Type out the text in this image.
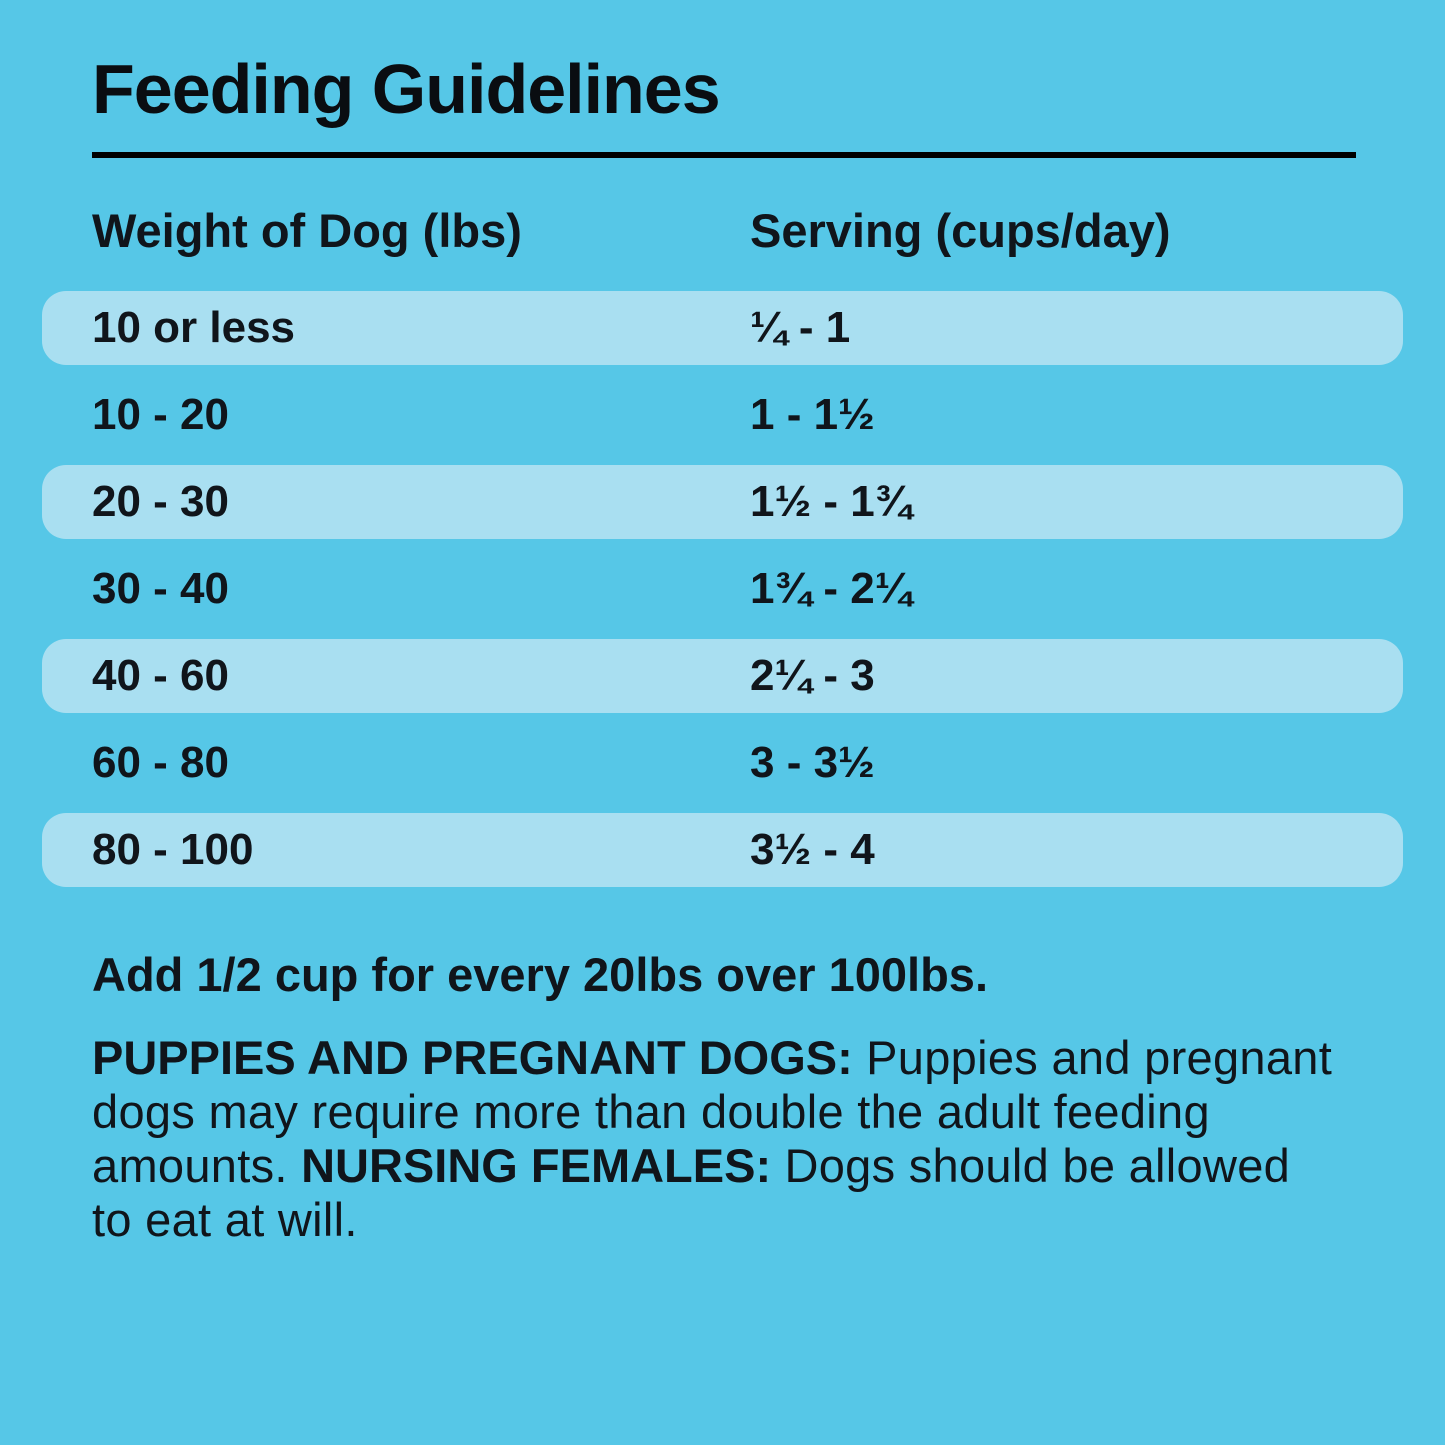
Feeding Guidelines
Weight of Dog (lbs)	Serving (cups/day)
10 or less	¼ - 1
10 - 20	1 - 1½
20 - 30	1½ - 1¾
30 - 40	1¾ - 2¼
40 - 60	2¼ - 3
60 - 80	3 - 3½
80 - 100	3½ - 4

Add 1/2 cup for every 20lbs over 100lbs.

PUPPIES AND PREGNANT DOGS: Puppies and pregnant
dogs may require more than double the adult feeding
amounts. NURSING FEMALES: Dogs should be allowed
to eat at will.
